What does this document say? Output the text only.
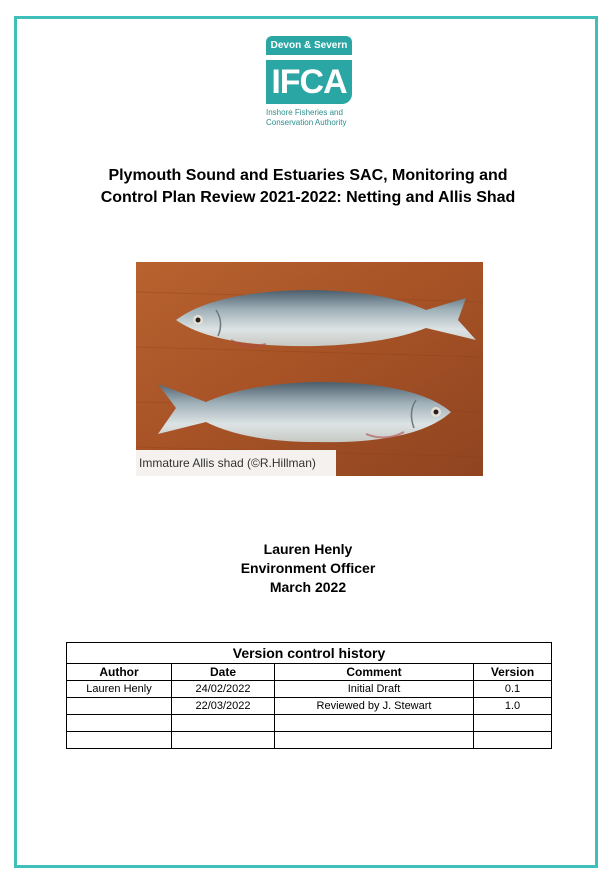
Devon & Severn
IFCA
Inshore Fisheries and
Conservation Authority
Plymouth Sound and Estuaries SAC, Monitoring and
Control Plan Review 2021-2022: Netting and Allis Shad
Immature Allis shad (©R.Hillman)
Lauren Henly
Environment Officer
March 2022
Version control history			
Author	Date	Comment	Version
Lauren Henly	24/02/2022	Initial Draft	0.1
	22/03/2022	Reviewed by J. Stewart	1.0
